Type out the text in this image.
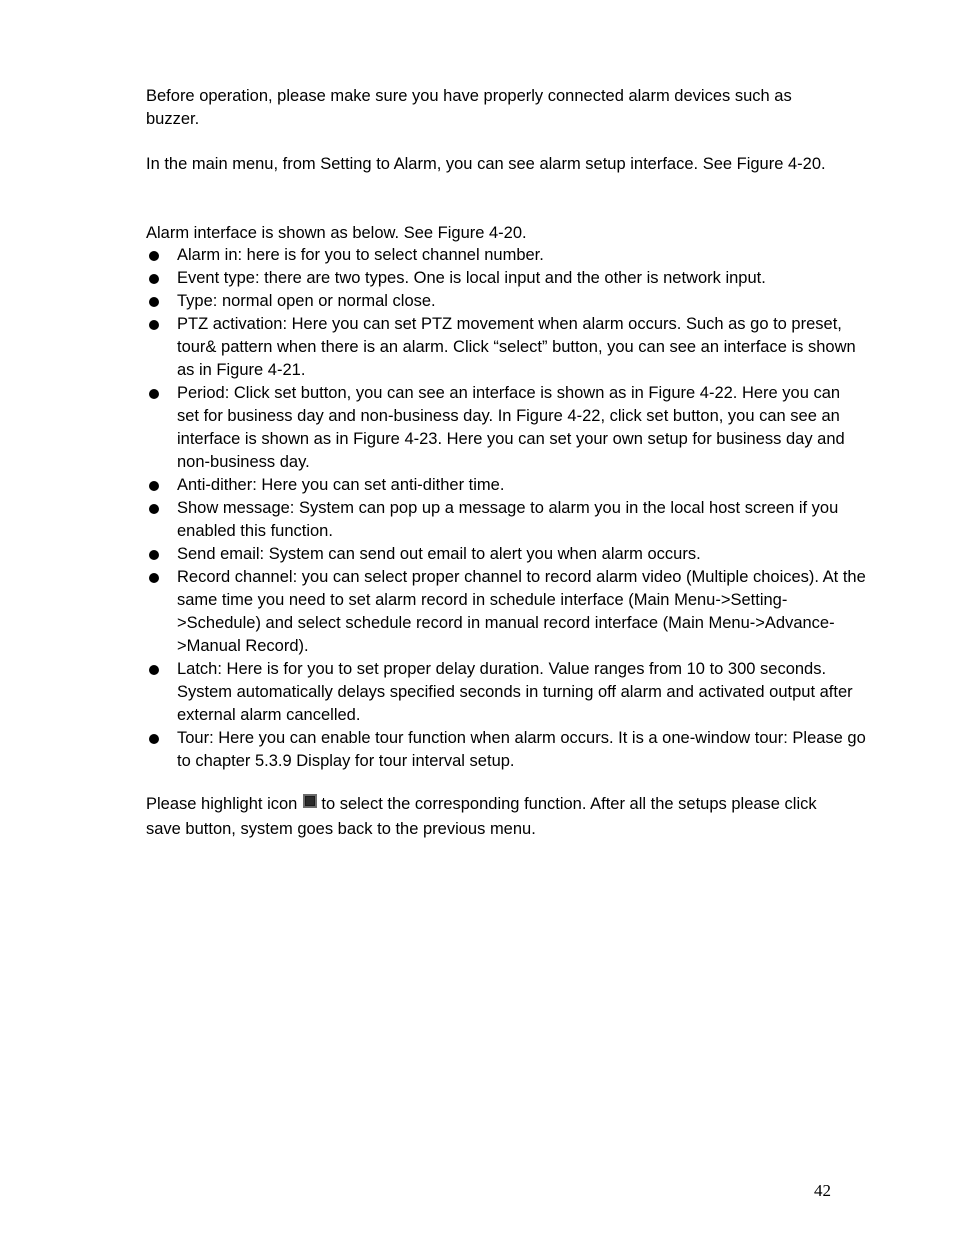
Before operation, please make sure you have properly connected alarm devices such as buzzer.

In the main menu, from Setting to Alarm, you can see alarm setup interface. See Figure 4-20.

Alarm interface is shown as below. See Figure 4-20.

Alarm in: here is for you to select channel number.
Event type: there are two types. One is local input and the other is network input.
Type: normal open or normal close.
PTZ activation: Here you can set PTZ movement when alarm occurs. Such as go to preset, tour& pattern when there is an alarm. Click “select” button, you can see an interface is shown as in Figure 4-21.
Period: Click set button, you can see an interface is shown as in Figure 4-22. Here you can set for business day and non-business day. In Figure 4-22, click set button, you can see an interface is shown as in Figure 4-23. Here you can set your own setup for business day and non-business day.
Anti-dither: Here you can set anti-dither time.
Show message: System can pop up a message to alarm you in the local host screen if you enabled this function.
Send email: System can send out email to alert you when alarm occurs.
Record channel: you can select proper channel to record alarm video (Multiple choices). At the same time you need to set alarm record in schedule interface (Main Menu->Setting->Schedule) and select schedule record in manual record interface (Main Menu->Advance->Manual Record).
Latch: Here is for you to set proper delay duration. Value ranges from 10 to 300 seconds. System automatically delays specified seconds in turning off alarm and activated output after external alarm cancelled.
Tour: Here you can enable tour function when alarm occurs. It is a one-window tour: Please go to chapter 5.3.9 Display for tour interval setup.

Please highlight icon to select the corresponding function. After all the setups please click save button, system goes back to the previous menu.

42
